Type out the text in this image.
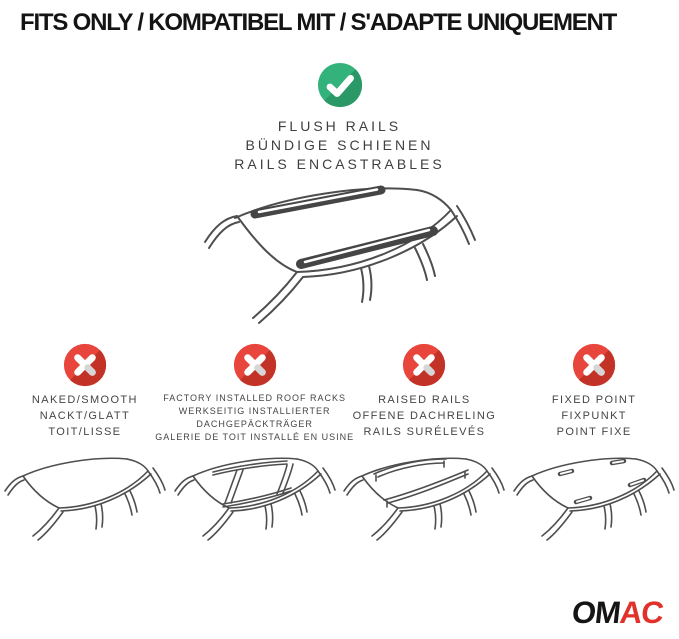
FITS ONLY / KOMPATIBEL MIT / S'ADAPTE UNIQUEMENT
FLUSH RAILS
BÜNDIGE SCHIENEN
RAILS ENCASTRABLES
NAKED/SMOOTH
NACKT/GLATT
TOIT/LISSE
FACTORY INSTALLED ROOF RACKS
WERKSEITIG INSTALLIERTER
DACHGEPÄCKTRÄGER
GALERIE DE TOIT INSTALLÉ EN USINE
RAISED RAILS
OFFENE DACHRELING
RAILS SURÉLEVÉS
FIXED POINT
FIXPUNKT
POINT FIXE
OMAC
